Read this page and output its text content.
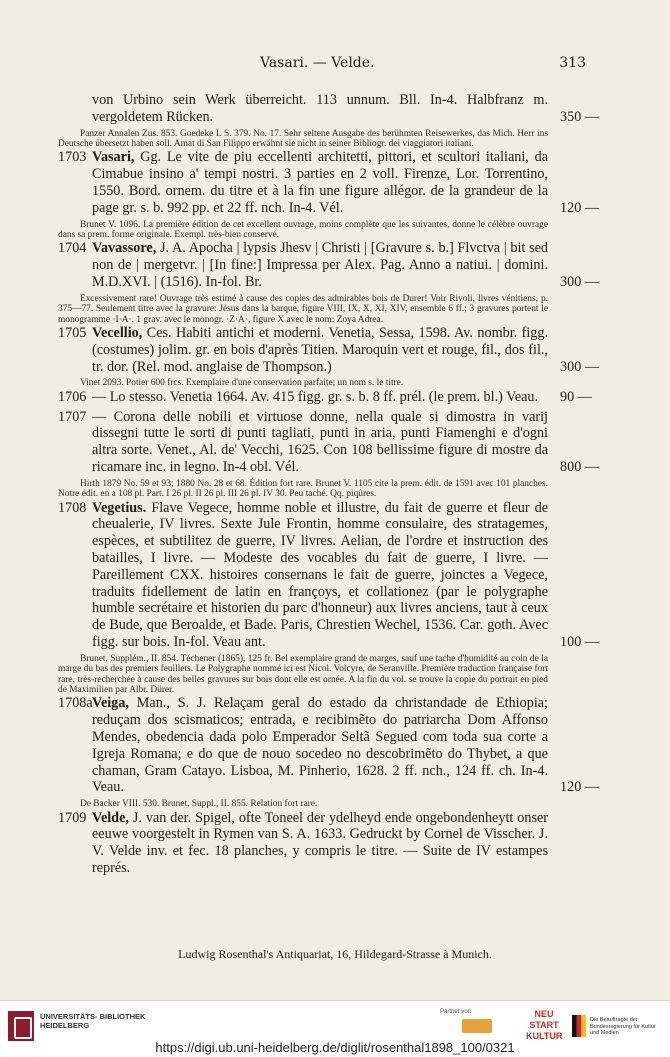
Vasari. — Velde.	313
von Urbino sein Werk überreicht. 113 unnum. Bll. In-4. Halbfranz m. vergoldetem Rücken.	350 —
Panzer Annalen Zus. 853. Goedeke I. S. 379. No. 17. Sehr seltene Ausgabe des berühmten Reisewerkes, das Mich. Herr ins Deutsche übersetzt haben soll. Amat di San Filippo erwähnt sie nicht in seiner Bibliogr. dei viaggiatori italiani.
1703 Vasari, Gg. Le vite de piu eccellenti architetti, pittori, et scultori italiani, da Cimabue insino a' tempi nostri. 3 parties en 2 voll. Firenze, Lor. Torrentino, 1550. Bord. ornem. du titre et à la fin une figure allégor. de la grandeur de la page gr. s. b. 992 pp. et 22 ff. nch. In-4. Vél.	120 —
Brunet V. 1096. La première édition de cet excellent ouvrage, moins complète que les suivantes, donne le célèbre ouvrage dans sa prem. forme originale. Exempl. très-bien conservé.
1704 Vavassore, J. A. Apocha | lypsis Jhesv | Christi | [Gravure s. b.] Flvctva | bit sed non de | mergetvr. | [In fine:] Impressa per Alex. Pag. Anno a natiui. | domini. M.D.XVI. | (1516). In-fol. Br.	300 —
Excessivement rare! Ouvrage très estimé à cause des copies des admirables bois de Durer! Voir Rivoli, livres vénitiens, p. 375—77. Seulement titre avec la gravure: Jésus dans la barque, figure VIII, IX, X, XI, XIV, ensemble 6 ff.; 3 gravures portent le monogramme ·I·A·, 1 grav. avec le monogr. ·Z·A·, figure X avec le nom: Zoya Adrea.
1705 Vecellio, Ces. Habiti antichi et moderni. Venetia, Sessa, 1598. Av. nombr. figg. (costumes) jolim. gr. en bois d'après Titien. Maroquin vert et rouge, fil., dos fil., tr. dor. (Rel. mod. anglaise de Thompson.)	300 —
Vinet 2093. Potier 600 frcs. Exemplaire d'une conservation parfaite; un nom s. le titre.
1706 — Lo stesso. Venetia 1664. Av. 415 figg. gr. s. b. 8 ff. prél. (le prem. bl.) Veau.	90 —
1707 — Corona delle nobili et virtuose donne, nella quale si dimostra in varij dissegni tutte le sorti di punti tagliati, punti in aria, punti Fiamenghi e d'ogni altra sorte. Venet., Al. de' Vecchi, 1625. Con 108 bellissime figure di mostre da ricamare inc. in legno. In-4 obl. Vél.	800 —
Hirth 1879 No. 59 et 93; 1880 No. 28 et 68. Édition fort rare. Brunet V. 1105 cite la prem. édit. de 1591 avec 101 planches. Notre édit. en a 108 pl. Part. I 26 pl. II 26 pl. III 26 pl. IV 30. Peu taché. Qq. piqûres.
1708 Vegetius. Flave Vegece, homme noble et illustre, du fait de guerre et fleur de cheualerie, IV livres. Sexte Jule Frontin, homme consulaire, des stratagemes, espèces, et subtilitez de guerre, IV livres. Aelian, de l'ordre et instruction des batailles, I livre. — Modeste des vocables du fait de guerre, I livre. — Pareillement CXX. histoires consernans le fait de guerre, joinctes a Vegece, traduits fidellement de latin en françoys, et collationez (par le polygraphe humble secrétaire et historien du parc d'honneur) aux livres anciens, taut à ceux de Bude, que Beroalde, et Bade. Paris, Chrestien Wechel, 1536. Car. goth. Avec figg. sur bois. In-fol. Veau ant.	100 —
Brunet, Supplém., II. 854. Téchener (1865), 125 fr. Bel exemplaire grand de marges, sauf une tache d'humidité au coin de la marge du bas des premiers feuillets. Le Polygraphe nommé ici est Nicol. Volcyre, de Seranville. Première traduction française fort rare, très-recherchée à cause des belles gravures sur bois dont elle est ornée. A la fin du vol. se trouve la copie du portrait en pied de Maximilien par Albr. Dürer.
1708a Veiga, Man., S. J. Relaçam geral do estado da christandade de Ethiopia; reduçam dos scismaticos; entrada, e recibimẽto do patriarcha Dom Affonso Mendes, obedencia dada polo Emperador Seltã Segued com toda sua corte a Igreja Romana; e do que de nouo socedeo no descobrimẽto do Thybet, a que chaman, Gram Catayo. Lisboa, M. Pinherio, 1628. 2 ff. nch., 124 ff. ch. In-4. Veau.	120 —
De Backer VIII. 530. Brunet, Suppl., II. 855. Relation fort rare.
1709 Velde, J. van der. Spigel, ofte Toneel der ydelheyd ende ongebondenheytt onser eeuwe voorgestelt in Rymen van S. A. 1633. Gedruckt by Cornel de Visscher. J. V. Velde inv. et fec. 18 planches, y compris le titre. — Suite de IV estampes représ.
Ludwig Rosenthal's Antiquariat, 16, Hildegard-Strasse à Munich.
UNIVERSITÄTS- BIBLIOTHEK HEIDELBERG
Partner von	NEU START KULTUR
Die Beauftragte der Bundesregierung für Kultur und Medien
https://digi.ub.uni-heidelberg.de/diglit/rosenthal1898_100/0321
